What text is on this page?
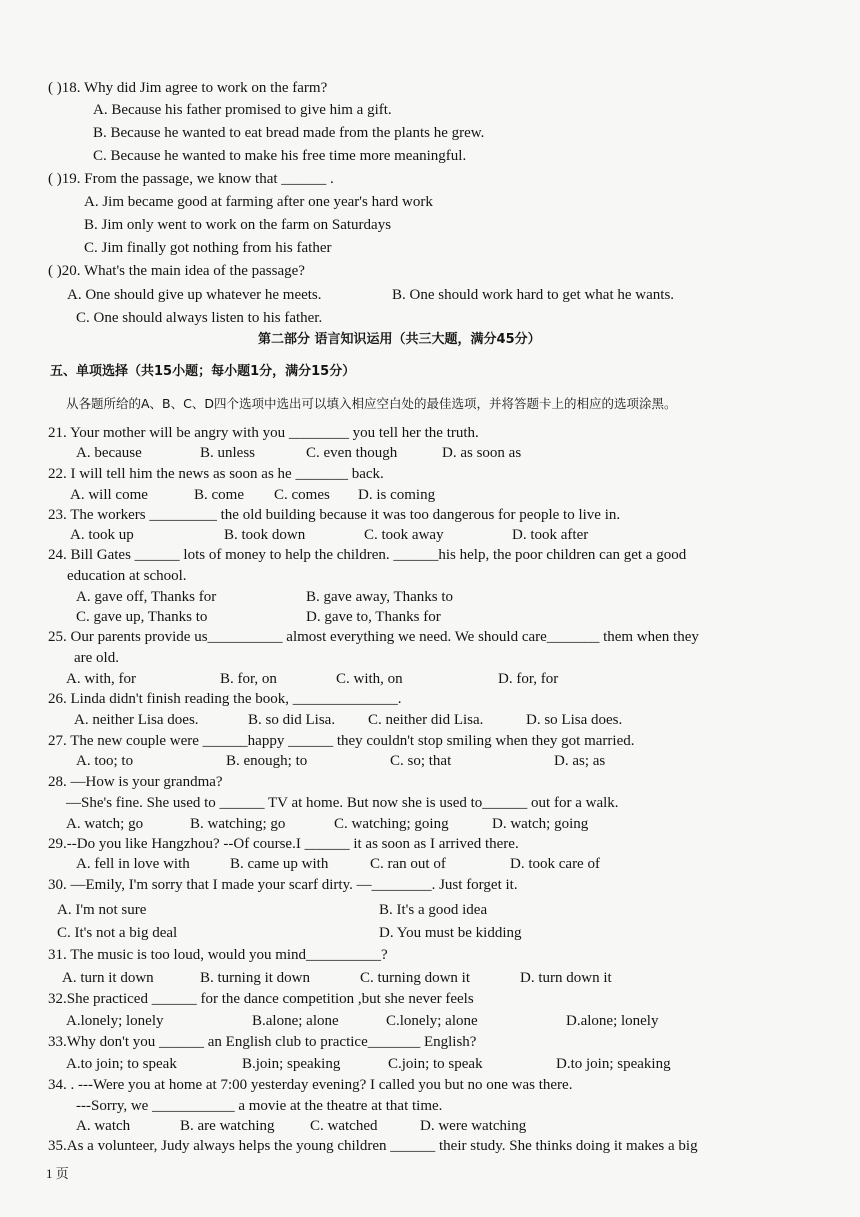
( )18. Why did Jim agree to work on the farm?
A. Because his father promised to give him a gift.
B. Because he wanted to eat bread made from the plants he grew.
C. Because he wanted to make his free time more meaningful.
( )19. From the passage, we know that ______ .
A. Jim became good at farming after one year's hard work
B. Jim only went to work on the farm on Saturdays
C. Jim finally got nothing from his father
( )20. What's the main idea of the passage?
A. One should give up whatever he meets.	B. One should work hard to get what he wants.
C. One should always listen to his father.
第二部分 语言知识运用（共三大题，满分45分）
五、单项选择（共15小题；每小题1分，满分15分）
从各题所给的A、B、C、D四个选项中选出可以填入相应空白处的最佳选项，并将答题卡上的相应的选项涂黑。
21. Your mother will be angry with you ________ you tell her the truth.
A. because	B. unless	C. even though	D. as soon as
22. I will tell him the news as soon as he _______ back.
A. will come	B. come C. comes D. is coming
23. The workers _________ the old building because it was too dangerous for people to live in.
A. took up	B. took down	C. took away	D. took after
24. Bill Gates ______ lots of money to help the children. ______his help, the poor children can get a good
education at school.
A. gave off, Thanks for	B. gave away, Thanks to
C. gave up, Thanks to	D. gave to, Thanks for
25. Our parents provide us__________ almost everything we need. We should care_______ them when they
are old.
A. with, for	B. for, on	C. with, on	D. for, for
26. Linda didn't finish reading the book, ______________.
A. neither Lisa does.	B. so did Lisa. C. neither did Lisa.	D. so Lisa does.
27. The new couple were ______happy ______ they couldn't stop smiling when they got married.
A. too; to	B. enough; to	C. so; that	D. as; as
28. —How is your grandma?
—She's fine. She used to ______ TV at home. But now she is used to______ out for a walk.
A. watch; go	B. watching; go	C. watching; going	D. watch; going
29.--Do you like Hangzhou? --Of course.I ______ it as soon as I arrived there.
A. fell in love with	B. came up with	C. ran out of	D. took care of
30. —Emily, I'm sorry that I made your scarf dirty. —________. Just forget it.
A. I'm not sure	B. It's a good idea
C. It's not a big deal	D. You must be kidding
31. The music is too loud, would you mind__________?
A. turn it down	B. turning it down	C. turning down it	D. turn down it
32.She practiced ______ for the dance competition ,but she never feels
A.lonely; lonely	B.alone; alone	C.lonely; alone	D.alone; lonely
33.Why don't you ______ an English club to practice_______ English?
A.to join; to speak	B.join; speaking	C.join; to speak	D.to join; speaking
34. . ---Were you at home at 7:00 yesterday evening? I called you but no one was there.
---Sorry, we ___________ a movie at the theatre at that time.
A. watch	B. are watching C. watched	D. were watching
35.As a volunteer, Judy always helps the young children ______ their study. She thinks doing it makes a big
1 页
